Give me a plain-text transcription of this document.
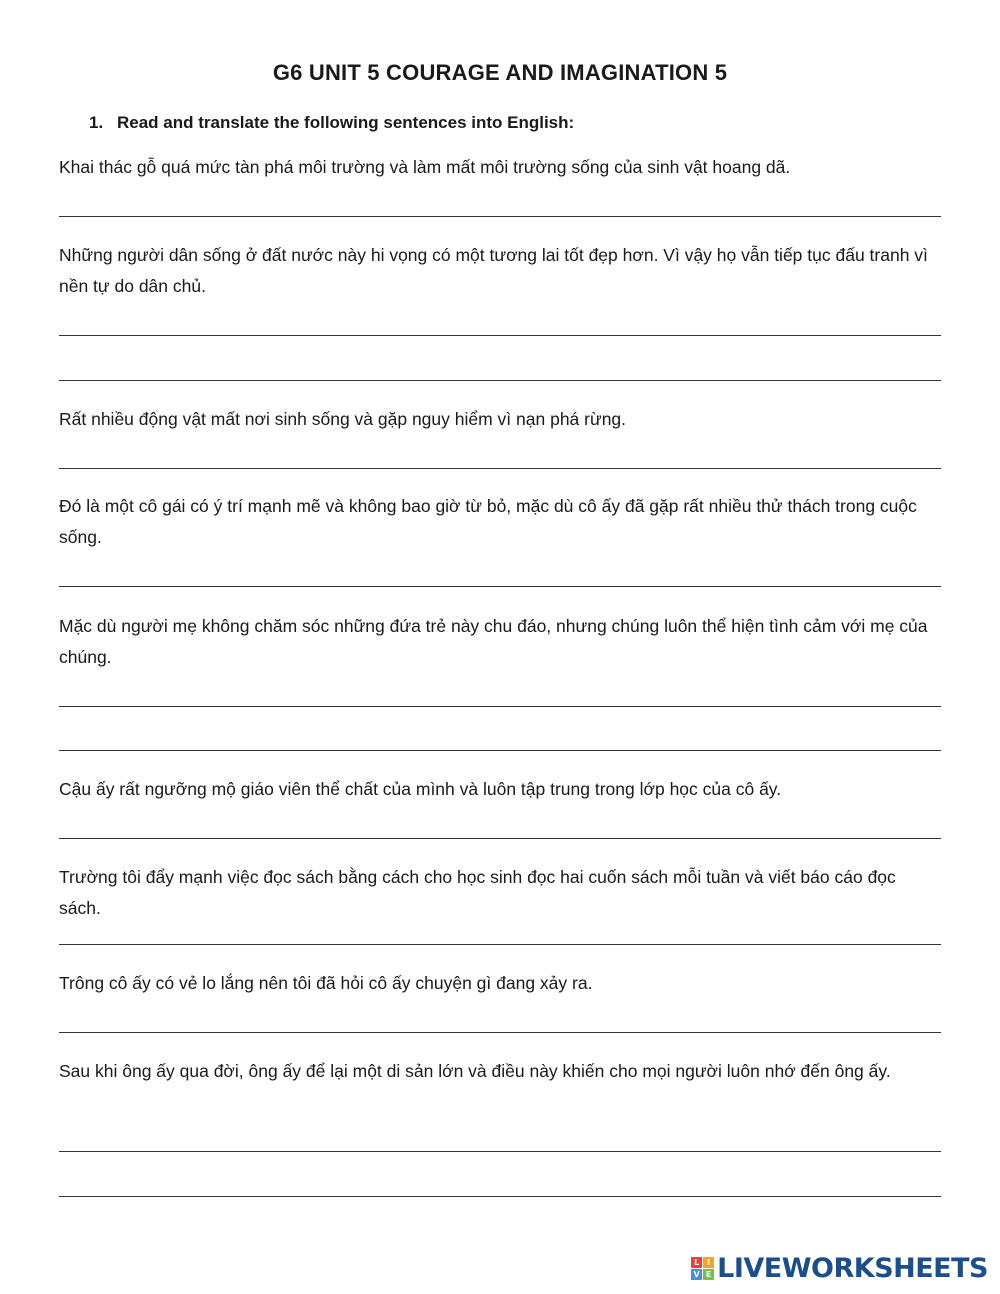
G6 UNIT 5 COURAGE AND IMAGINATION 5
1. Read and translate the following sentences into English:
Khai thác gỗ quá mức tàn phá môi trường và làm mất môi trường sống của sinh vật hoang dã.
Những người dân sống ở đất nước này hi vọng có một tương lai tốt đẹp hơn. Vì vậy họ vẫn tiếp tục đấu tranh vì nền tự do dân chủ.
Rất nhiều động vật mất nơi sinh sống và gặp nguy hiểm vì nạn phá rừng.
Đó là một cô gái có ý trí mạnh mẽ và không bao giờ từ bỏ, mặc dù cô ấy đã gặp rất nhiều thử thách trong cuộc sống.
Mặc dù người mẹ không chăm sóc những đứa trẻ này chu đáo, nhưng chúng luôn thể hiện tình cảm với mẹ của chúng.
Cậu ấy rất ngưỡng mộ giáo viên thể chất của mình và luôn tập trung trong lớp học của cô ấy.
Trường tôi đẩy mạnh việc đọc sách bằng cách cho học sinh đọc hai cuốn sách mỗi tuần và viết báo cáo đọc sách.
Trông cô ấy có vẻ lo lắng nên tôi đã hỏi cô ấy chuyện gì đang xảy ra.
Sau khi ông ấy qua đời, ông ấy để lại một di sản lớn và điều này khiến cho mọi người luôn nhớ đến ông ấy.
L I
V E LIVEWORKSHEETS
